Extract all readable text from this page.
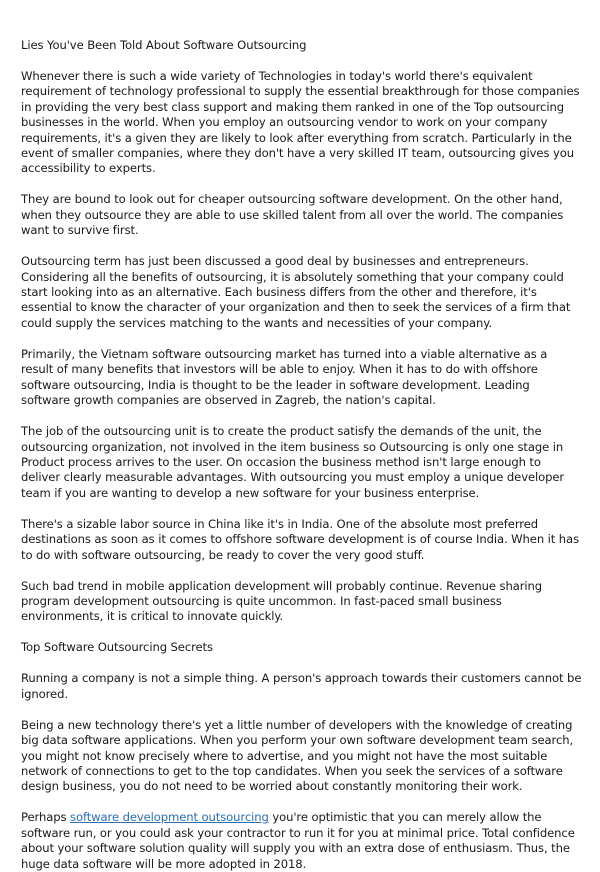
Lies You've Been Told About Software Outsourcing

Whenever there is such a wide variety of Technologies in today's world there's equivalent requirement of technology professional to supply the essential breakthrough for those companies in providing the very best class support and making them ranked in one of the Top outsourcing businesses in the world. When you employ an outsourcing vendor to work on your company requirements, it's a given they are likely to look after everything from scratch. Particularly in the event of smaller companies, where they don't have a very skilled IT team, outsourcing gives you accessibility to experts.

They are bound to look out for cheaper outsourcing software development. On the other hand, when they outsource they are able to use skilled talent from all over the world. The companies want to survive first.

Outsourcing term has just been discussed a good deal by businesses and entrepreneurs. Considering all the benefits of outsourcing, it is absolutely something that your company could start looking into as an alternative. Each business differs from the other and therefore, it's essential to know the character of your organization and then to seek the services of a firm that could supply the services matching to the wants and necessities of your company.

Primarily, the Vietnam software outsourcing market has turned into a viable alternative as a result of many benefits that investors will be able to enjoy. When it has to do with offshore software outsourcing, India is thought to be the leader in software development. Leading software growth companies are observed in Zagreb, the nation's capital.

The job of the outsourcing unit is to create the product satisfy the demands of the unit, the outsourcing organization, not involved in the item business so Outsourcing is only one stage in Product process arrives to the user. On occasion the business method isn't large enough to deliver clearly measurable advantages. With outsourcing you must employ a unique developer team if you are wanting to develop a new software for your business enterprise.

There's a sizable labor source in China like it's in India. One of the absolute most preferred destinations as soon as it comes to offshore software development is of course India. When it has to do with software outsourcing, be ready to cover the very good stuff.

Such bad trend in mobile application development will probably continue. Revenue sharing program development outsourcing is quite uncommon. In fast-paced small business environments, it is critical to innovate quickly.

Top Software Outsourcing Secrets

Running a company is not a simple thing. A person's approach towards their customers cannot be ignored.

Being a new technology there's yet a little number of developers with the knowledge of creating big data software applications. When you perform your own software development team search, you might not know precisely where to advertise, and you might not have the most suitable network of connections to get to the top candidates. When you seek the services of a software design business, you do not need to be worried about constantly monitoring their work.

Perhaps software development outsourcing you're optimistic that you can merely allow the software run, or you could ask your contractor to run it for you at minimal price. Total confidence about your software solution quality will supply you with an extra dose of enthusiasm. Thus, the huge data software will be more adopted in 2018.
